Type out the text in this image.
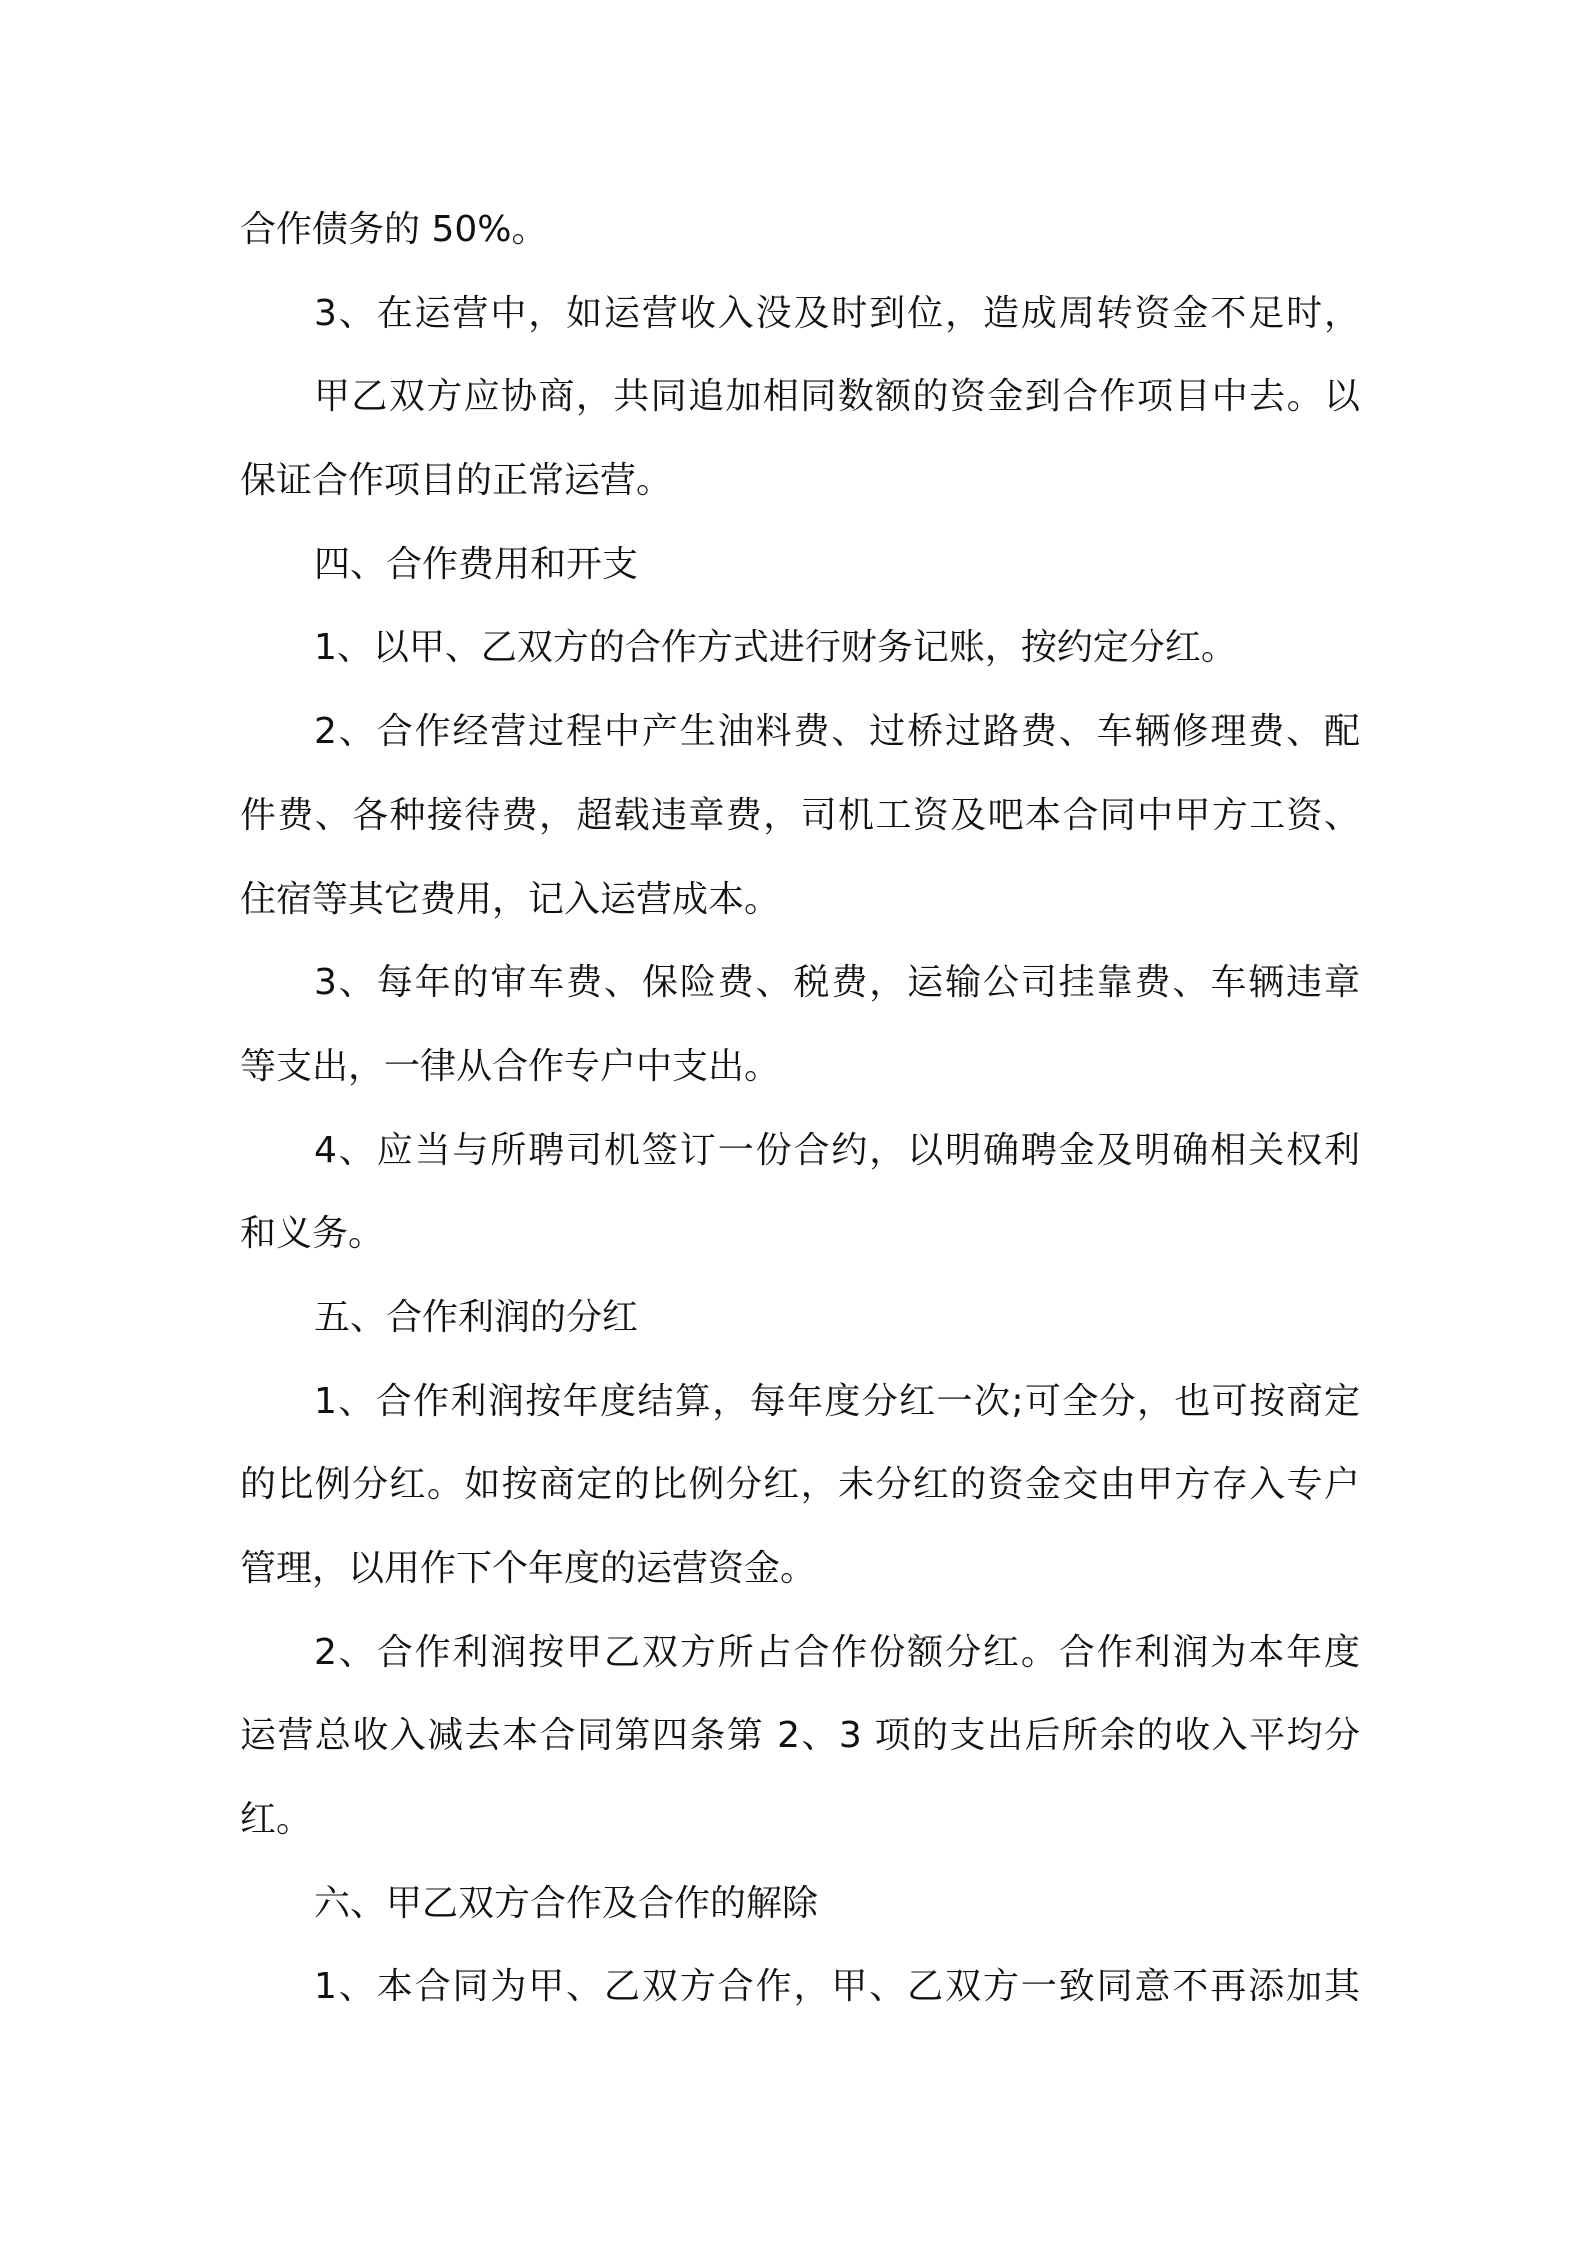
合作债务的 50%。
3、在运营中，如运营收入没及时到位，造成周转资金不足时，
甲乙双方应协商，共同追加相同数额的资金到合作项目中去。以
保证合作项目的正常运营。
四、合作费用和开支
1、以甲、乙双方的合作方式进行财务记账，按约定分红。
2、合作经营过程中产生油料费、过桥过路费、车辆修理费、配
件费、各种接待费，超载违章费，司机工资及吧本合同中甲方工资、
住宿等其它费用，记入运营成本。
3、每年的审车费、保险费、税费，运输公司挂靠费、车辆违章
等支出，一律从合作专户中支出。
4、应当与所聘司机签订一份合约，以明确聘金及明确相关权利
和义务。
五、合作利润的分红
1、合作利润按年度结算，每年度分红一次;可全分，也可按商定
的比例分红。如按商定的比例分红，未分红的资金交由甲方存入专户
管理，以用作下个年度的运营资金。
2、合作利润按甲乙双方所占合作份额分红。合作利润为本年度
运营总收入减去本合同第四条第 2、3 项的支出后所余的收入平均分
红。
六、甲乙双方合作及合作的解除
1、本合同为甲、乙双方合作，甲、乙双方一致同意不再添加其
